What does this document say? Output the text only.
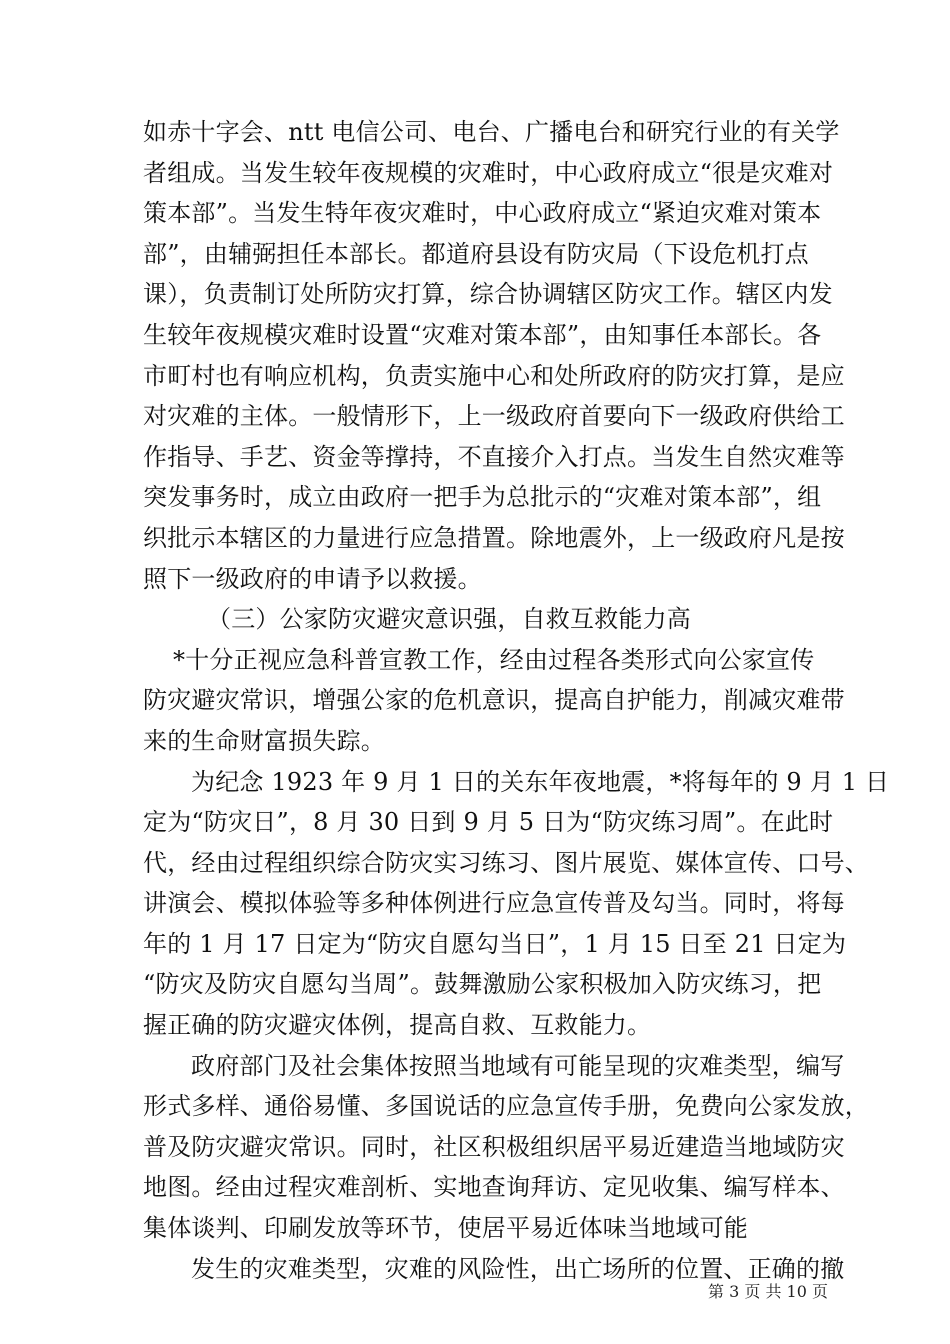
如赤十字会、ntt 电信公司、电台、广播电台和研究行业的有关学
者组成。当发生较年夜规模的灾难时，中心政府成立“很是灾难对
策本部”。当发生特年夜灾难时，中心政府成立“紧迫灾难对策本
部”，由辅弼担任本部长。都道府县设有防灾局（下设危机打点
课），负责制订处所防灾打算，综合协调辖区防灾工作。辖区内发
生较年夜规模灾难时设置“灾难对策本部”，由知事任本部长。各
市町村也有响应机构，负责实施中心和处所政府的防灾打算，是应
对灾难的主体。一般情形下，上一级政府首要向下一级政府供给工
作指导、手艺、资金等撑持，不直接介入打点。当发生自然灾难等
突发事务时，成立由政府一把手为总批示的“灾难对策本部”，组
织批示本辖区的力量进行应急措置。除地震外，上一级政府凡是按
照下一级政府的申请予以救援。
（三）公家防灾避灾意识强，自救互救能力高
*十分正视应急科普宣教工作，经由过程各类形式向公家宣传
防灾避灾常识，增强公家的危机意识，提高自护能力，削减灾难带
来的生命财富损失踪。
为纪念 1923 年 9 月 1 日的关东年夜地震，*将每年的 9 月 1 日
定为“防灾日”，8 月 30 日到 9 月 5 日为“防灾练习周”。在此时
代，经由过程组织综合防灾实习练习、图片展览、媒体宣传、口号、
讲演会、模拟体验等多种体例进行应急宣传普及勾当。同时，将每
年的 1 月 17 日定为“防灾自愿勾当日”，1 月 15 日至 21 日定为
“防灾及防灾自愿勾当周”。鼓舞激励公家积极加入防灾练习，把
握正确的防灾避灾体例，提高自救、互救能力。
政府部门及社会集体按照当地域有可能呈现的灾难类型，编写
形式多样、通俗易懂、多国说话的应急宣传手册，免费向公家发放，
普及防灾避灾常识。同时，社区积极组织居平易近建造当地域防灾
地图。经由过程灾难剖析、实地查询拜访、定见收集、编写样本、
集体谈判、印刷发放等环节，使居平易近体味当地域可能
发生的灾难类型，灾难的风险性，出亡场所的位置、正确的撤
第 3 页 共 10 页
